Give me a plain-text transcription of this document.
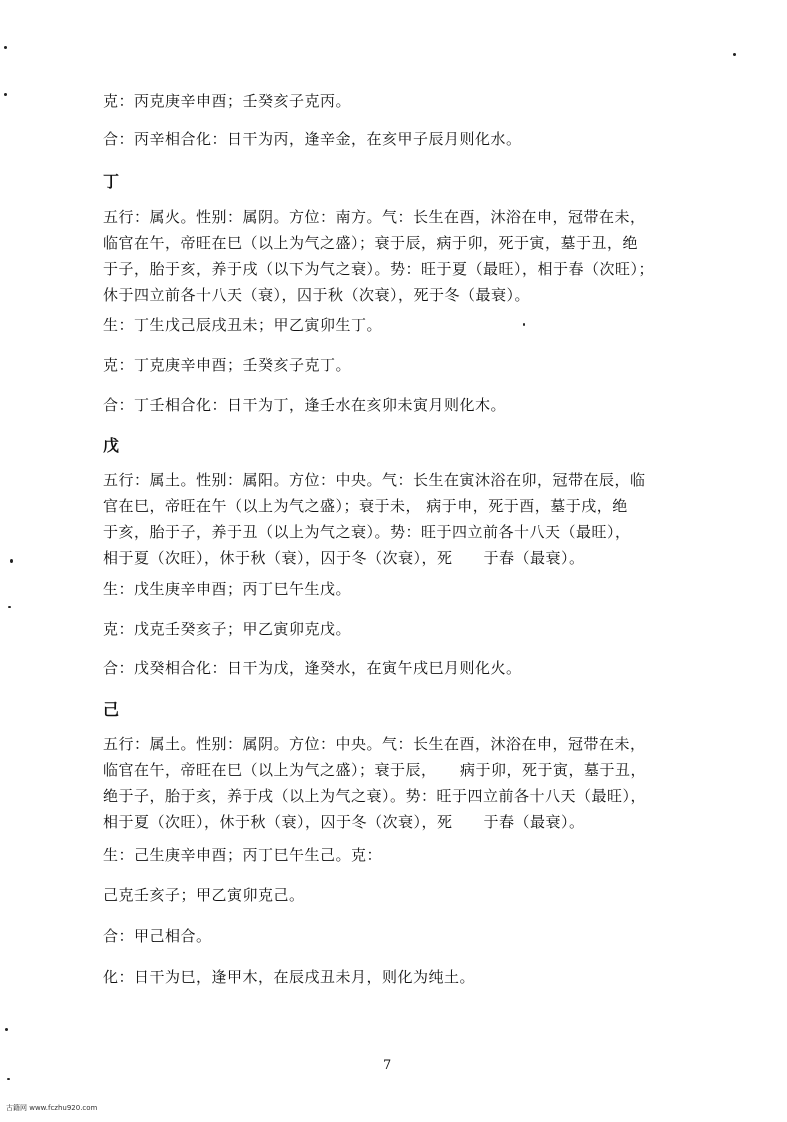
克：丙克庚辛申酉；壬癸亥子克丙。
合：丙辛相合化：日干为丙，逢辛金，在亥甲子辰月则化水。
丁
五行：属火。性别：属阴。方位：南方。气：长生在酉，沐浴在申，冠带在未，
临官在午，帝旺在巳（以上为气之盛）；衰于辰，病于卯，死于寅，墓于丑，绝
于子，胎于亥，养于戌（以下为气之衰）。势：旺于夏（最旺），相于春（次旺）；
休于四立前各十八天（衰），囚于秋（次衰），死于冬（最衰）。
生：丁生戊己辰戌丑未；甲乙寅卯生丁。
克：丁克庚辛申酉；壬癸亥子克丁。
合：丁壬相合化：日干为丁，逢壬水在亥卯未寅月则化木。
戊
五行：属土。性别：属阳。方位：中央。气：长生在寅沐浴在卯，冠带在辰，临
官在巳，帝旺在午（以上为气之盛）；衰于未， 病于申，死于酉，墓于戌，绝
于亥，胎于子，养于丑（以上为气之衰）。势：旺于四立前各十八天（最旺），
相于夏（次旺），休于秋（衰），囚于冬（次衰），死　　于春（最衰）。
生：戊生庚辛申酉；丙丁巳午生戊。
克：戊克壬癸亥子；甲乙寅卯克戊。
合：戊癸相合化：日干为戊，逢癸水，在寅午戌巳月则化火。
己
五行：属土。性别：属阴。方位：中央。气：长生在酉，沐浴在申，冠带在未，
临官在午，帝旺在巳（以上为气之盛）；衰于辰，　　病于卯，死于寅，墓于丑，
绝于子，胎于亥，养于戌（以上为气之衰）。势：旺于四立前各十八天（最旺），
相于夏（次旺），休于秋（衰），囚于冬（次衰），死　　于春（最衰）。
生：己生庚辛申酉；丙丁巳午生己。克：
己克壬亥子；甲乙寅卯克己。
合：甲己相合。
化：日干为巳，逢甲木，在辰戌丑未月，则化为纯土。
7
古籍网 www.fczhu920.com
